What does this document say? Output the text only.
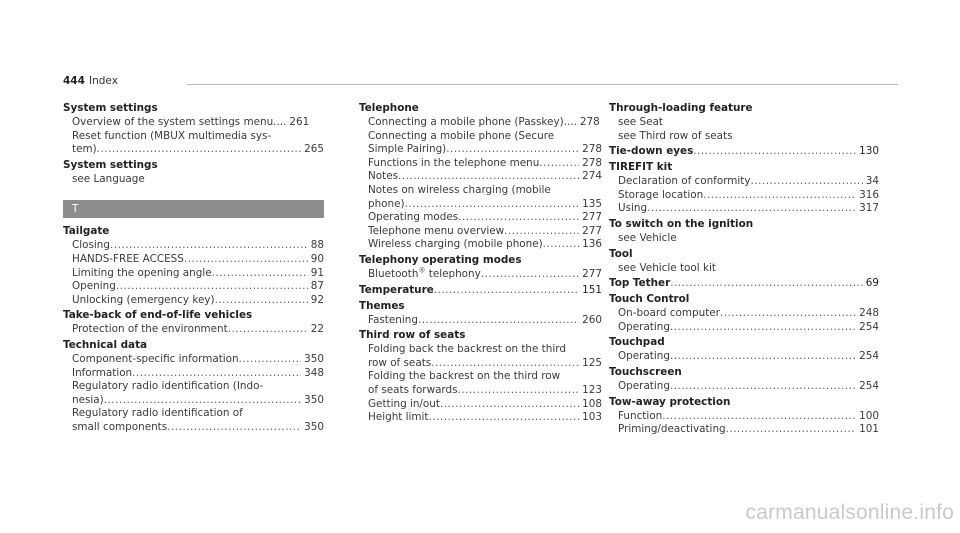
444 Index
System settings
Overview of the system settings menu.... 261
Reset function (MBUX multimedia sys-
tem) .....	265
System settings
see Language
T
Tailgate
Closing .....	88
HANDS-FREE ACCESS .....	90
Limiting the opening angle .....	91
Opening .....	87
Unlocking (emergency key) .....	92
Take-back of end-of-life vehicles
Protection of the environment .....	22
Technical data
Component-specific information .....	350
Information .....	348
Regulatory radio identification (Indo-
nesia) .....	350
Regulatory radio identification of
small components .....	350
Telephone
Connecting a mobile phone (Passkey).... 278
Connecting a mobile phone (Secure
Simple Pairing) .....	278
Functions in the telephone menu .....	278
Notes .....	274
Notes on wireless charging (mobile
phone) .....	135
Operating modes .....	277
Telephone menu overview .....	277
Wireless charging (mobile phone) .....	136
Telephony operating modes
Bluetooth® telephony .....	277
Temperature .....	151
Themes
Fastening .....	260
Third row of seats
Folding back the backrest on the third
row of seats .....	125
Folding the backrest on the third row
of seats forwards .....	123
Getting in/out .....	108
Height limit .....	103
Through-loading feature
see Seat
see Third row of seats
Tie-down eyes .....	130
TIREFIT kit
Declaration of conformity .....	34
Storage location .....	316
Using .....	317
To switch on the ignition
see Vehicle
Tool
see Vehicle tool kit
Top Tether .....	69
Touch Control
On-board computer .....	248
Operating .....	254
Touchpad
Operating .....	254
Touchscreen
Operating .....	254
Tow-away protection
Function .....	100
Priming/deactivating .....	101
carmanualsonline.info
